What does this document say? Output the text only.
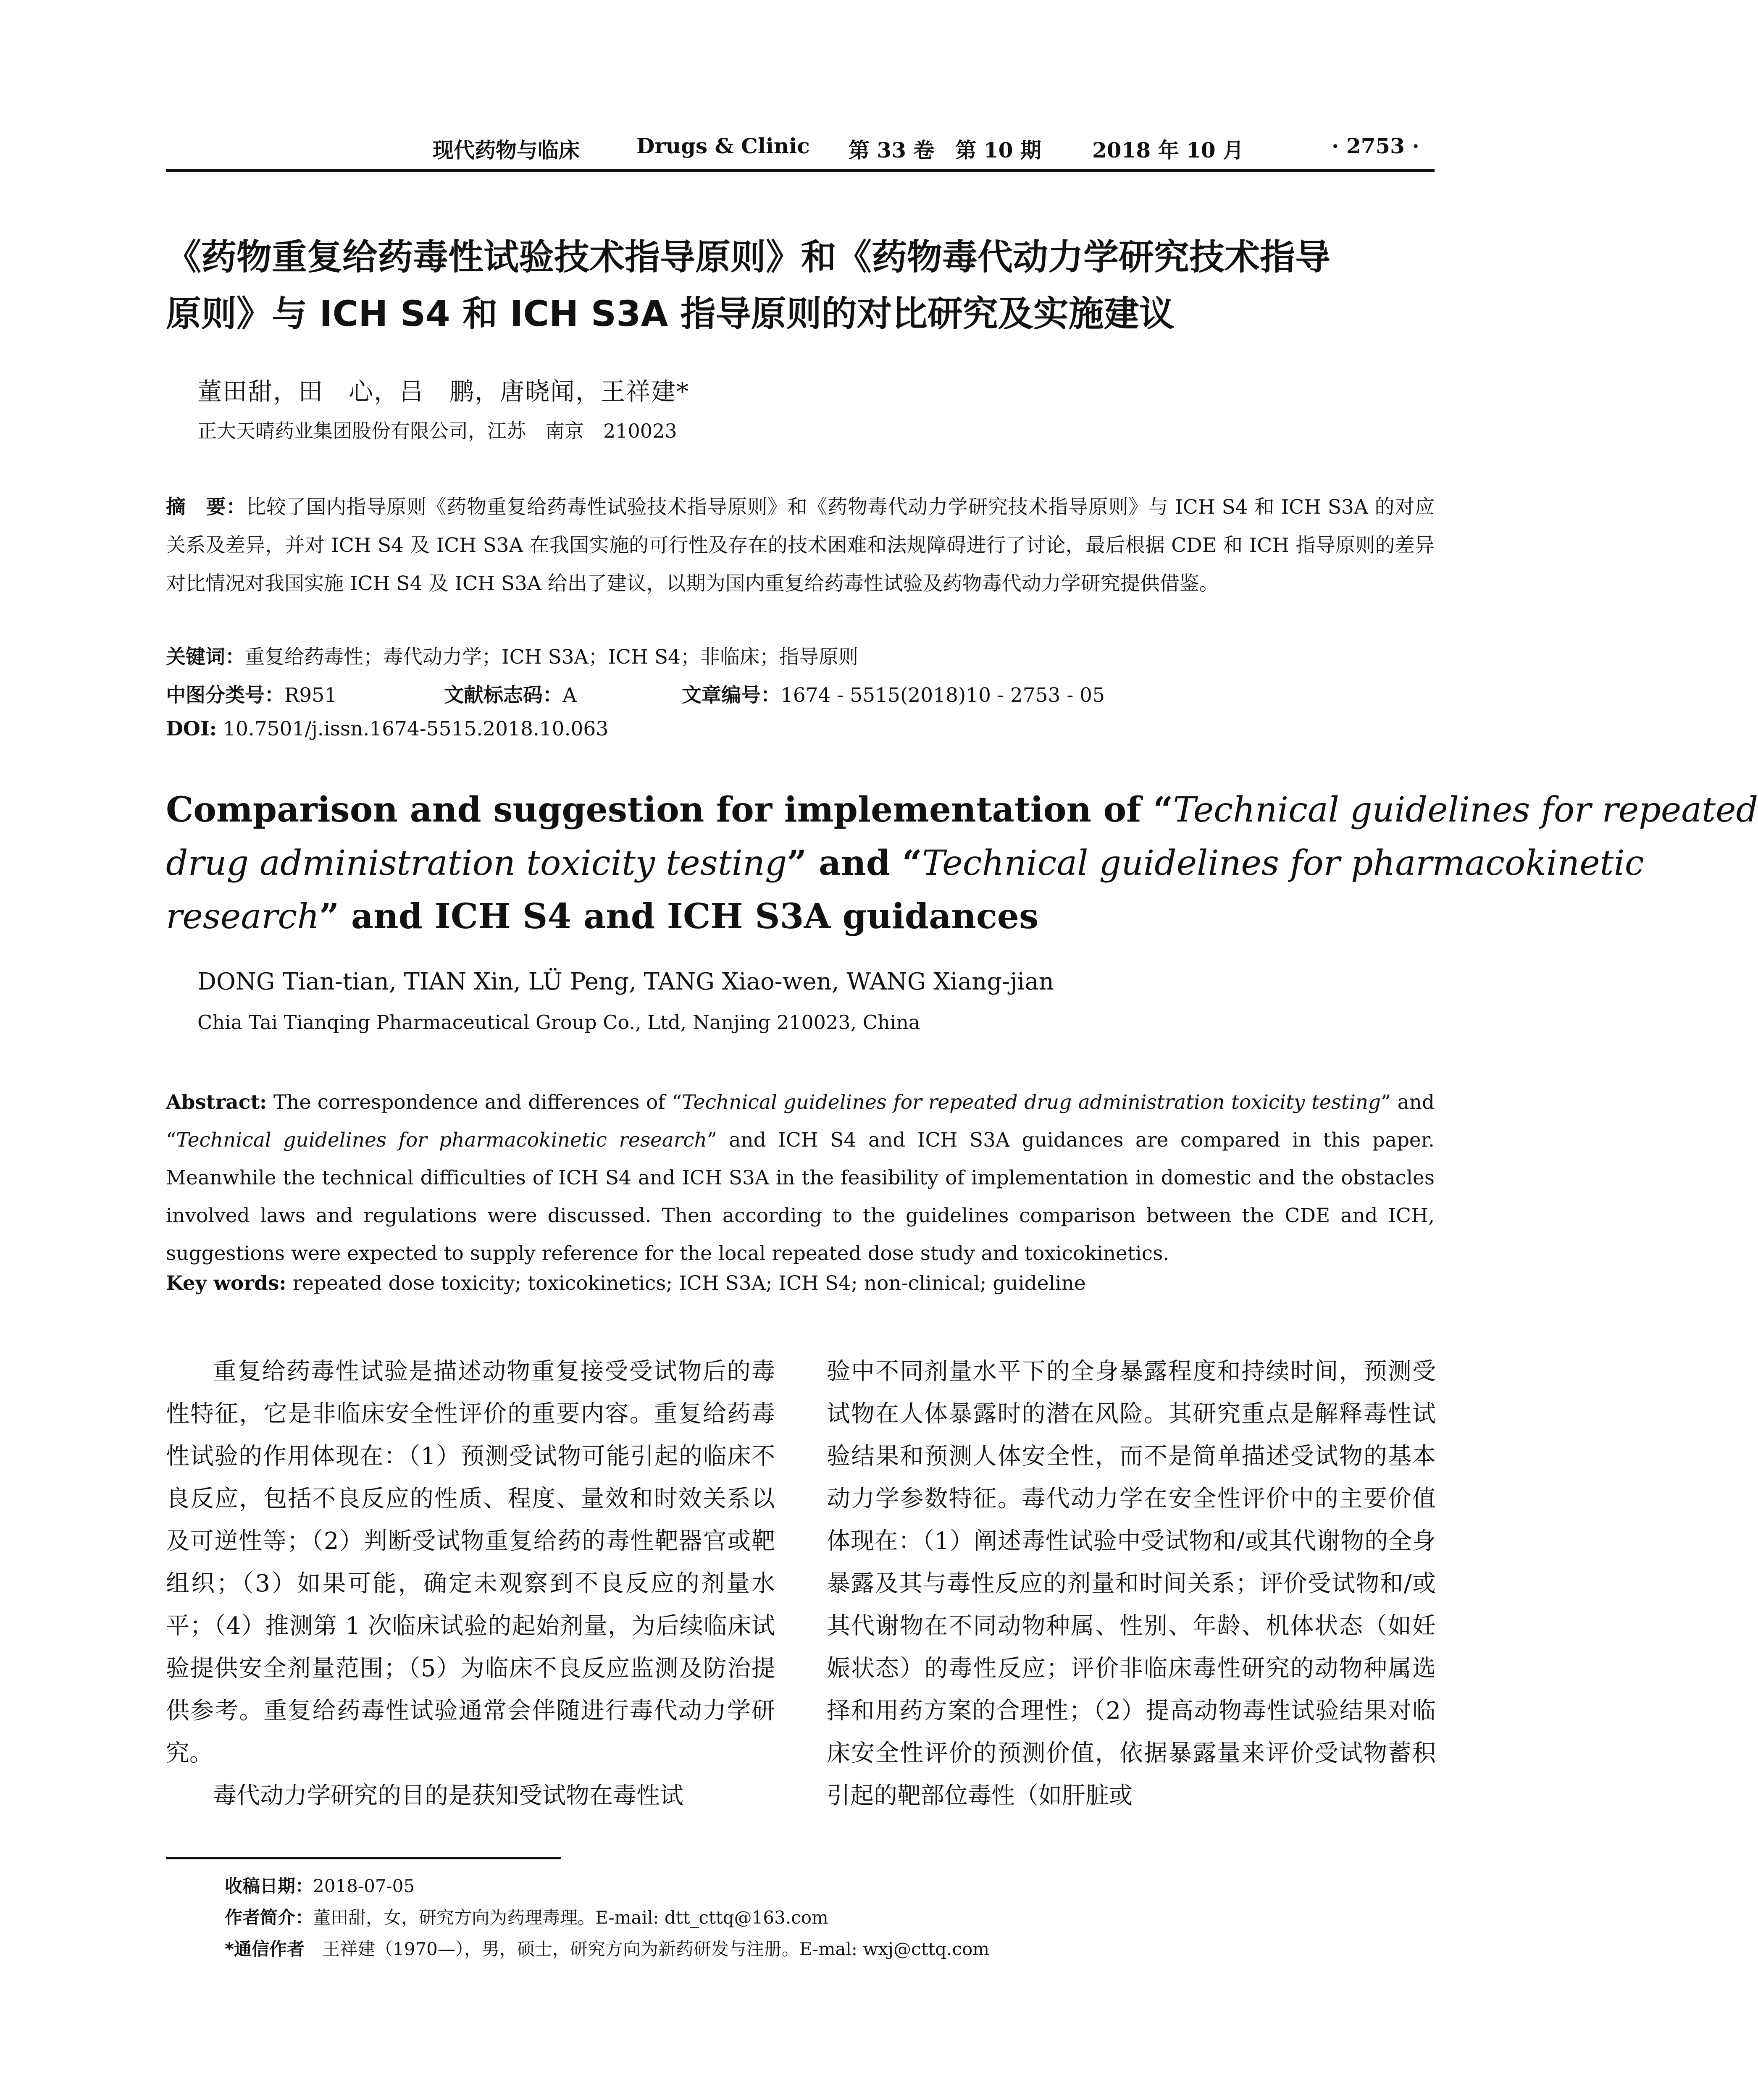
现代药物与临床	Drugs & Clinic 第 33 卷　第 10 期 2018 年 10 月	· 2753 ·
《药物重复给药毒性试验技术指导原则》和《药物毒代动力学研究技术指导
原则》与 ICH S4 和 ICH S3A 指导原则的对比研究及实施建议
董田甜，田　心，吕　鹏，唐晓闻，王祥建*
正大天晴药业集团股份有限公司，江苏　南京　210023
摘　要：比较了国内指导原则《药物重复给药毒性试验技术指导原则》和《药物毒代动力学研究技术指导原则》与 ICH S4 和 ICH S3A 的对应关系及差异，并对 ICH S4 及 ICH S3A 在我国实施的可行性及存在的技术困难和法规障碍进行了讨论，最后根据 CDE 和 ICH 指导原则的差异对比情况对我国实施 ICH S4 及 ICH S3A 给出了建议，以期为国内重复给药毒性试验及药物毒代动力学研究提供借鉴。
关键词：重复给药毒性；毒代动力学；ICH S3A；ICH S4；非临床；指导原则
中图分类号：R951	文献标志码：A	文章编号：1674 - 5515(2018)10 - 2753 - 05
DOI: 10.7501/j.issn.1674-5515.2018.10.063
Comparison and suggestion for implementation of “Technical guidelines for repeated
drug administration toxicity testing” and “Technical guidelines for pharmacokinetic
research” and ICH S4 and ICH S3A guidances
DONG Tian-tian, TIAN Xin, LÜ Peng, TANG Xiao-wen, WANG Xiang-jian
Chia Tai Tianqing Pharmaceutical Group Co., Ltd, Nanjing 210023, China
Abstract: The correspondence and differences of “Technical guidelines for repeated drug administration toxicity testing” and “Technical guidelines for pharmacokinetic research” and ICH S4 and ICH S3A guidances are compared in this paper. Meanwhile the technical difficulties of ICH S4 and ICH S3A in the feasibility of implementation in domestic and the obstacles involved laws and regulations were discussed. Then according to the guidelines comparison between the CDE and ICH, suggestions were expected to supply reference for the local repeated dose study and toxicokinetics.
Key words: repeated dose toxicity; toxicokinetics; ICH S3A; ICH S4; non-clinical; guideline

重复给药毒性试验是描述动物重复接受受试物后的毒性特征，它是非临床安全性评价的重要内容。重复给药毒性试验的作用体现在：（1）预测受试物可能引起的临床不良反应，包括不良反应的性质、程度、量效和时效关系以及可逆性等；（2）判断受试物重复给药的毒性靶器官或靶组织；（3）如果可能，确定未观察到不良反应的剂量水平；（4）推测第 1 次临床试验的起始剂量，为后续临床试验提供安全剂量范围；（5）为临床不良反应监测及防治提供参考。重复给药毒性试验通常会伴随进行毒代动力学研究。

毒代动力学研究的目的是获知受试物在毒性试

验中不同剂量水平下的全身暴露程度和持续时间，预测受试物在人体暴露时的潜在风险。其研究重点是解释毒性试验结果和预测人体安全性，而不是简单描述受试物的基本动力学参数特征。毒代动力学在安全性评价中的主要价值体现在：（1）阐述毒性试验中受试物和/或其代谢物的全身暴露及其与毒性反应的剂量和时间关系；评价受试物和/或其代谢物在不同动物种属、性别、年龄、机体状态（如妊娠状态）的毒性反应；评价非临床毒性研究的动物种属选择和用药方案的合理性；（2）提高动物毒性试验结果对临床安全性评价的预测价值，依据暴露量来评价受试物蓄积引起的靶部位毒性（如肝脏或

收稿日期：2018-07-05
作者简介：董田甜，女，研究方向为药理毒理。E-mail: dtt_cttq@163.com
*通信作者　王祥建（1970—），男，硕士，研究方向为新药研发与注册。E-mal: wxj@cttq.com
